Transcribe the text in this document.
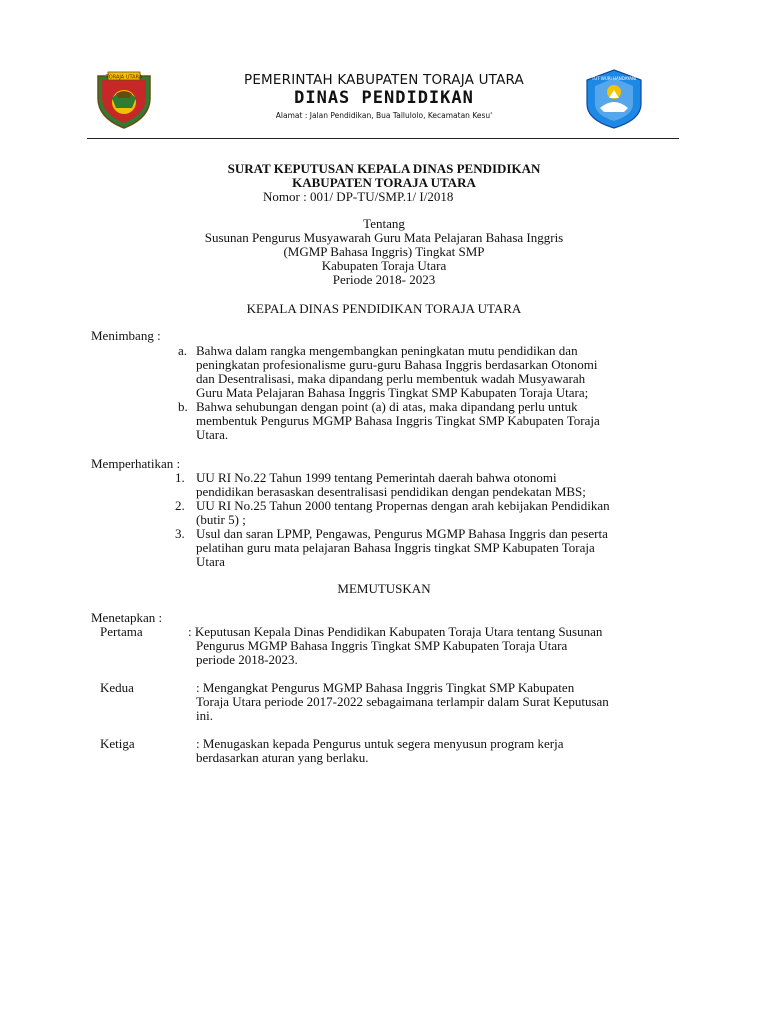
TORAJA UTARA	TUT WURI HANDAYANI
PEMERINTAH KABUPATEN TORAJA UTARA
DINAS PENDIDIKAN
Alamat : Jalan Pendidikan, Bua Tallulolo, Kecamatan Kesu'
SURAT KEPUTUSAN KEPALA DINAS PENDIDIKAN
KABUPATEN TORAJA UTARA
Nomor : 001/ DP-TU/SMP.1/ I/2018
Tentang
Susunan Pengurus Musyawarah Guru Mata Pelajaran Bahasa Inggris
(MGMP Bahasa Inggris) Tingkat SMP
Kabupaten Toraja Utara
Periode 2018- 2023
KEPALA DINAS PENDIDIKAN TORAJA UTARA
Menimbang :
a. Bahwa dalam rangka mengembangkan peningkatan mutu pendidikan dan
peningkatan profesionalisme guru-guru Bahasa Inggris berdasarkan Otonomi
dan Desentralisasi, maka dipandang perlu membentuk wadah Musyawarah
Guru Mata Pelajaran Bahasa Inggris Tingkat SMP Kabupaten Toraja Utara;
b. Bahwa sehubungan dengan point (a) di atas, maka dipandang perlu untuk
membentuk Pengurus MGMP Bahasa Inggris Tingkat SMP Kabupaten Toraja
Utara.
Memperhatikan :
1. UU RI No.22 Tahun 1999 tentang Pemerintah daerah bahwa otonomi
pendidikan berasaskan desentralisasi pendidikan dengan pendekatan MBS;
2. UU RI No.25 Tahun 2000 tentang Propernas dengan arah kebijakan Pendidikan
(butir 5) ;
3. Usul dan saran LPMP, Pengawas, Pengurus MGMP Bahasa Inggris dan peserta
pelatihan guru mata pelajaran Bahasa Inggris tingkat SMP Kabupaten Toraja
Utara
MEMUTUSKAN
Menetapkan :
Pertama	: Keputusan Kepala Dinas Pendidikan Kabupaten Toraja Utara tentang Susunan
Pengurus MGMP Bahasa Inggris Tingkat SMP Kabupaten Toraja Utara
periode 2018-2023.
Kedua	: Mengangkat Pengurus MGMP Bahasa Inggris Tingkat SMP Kabupaten
Toraja Utara periode 2017-2022 sebagaimana terlampir dalam Surat Keputusan
ini.
Ketiga	: Menugaskan kepada Pengurus untuk segera menyusun program kerja
berdasarkan aturan yang berlaku.
